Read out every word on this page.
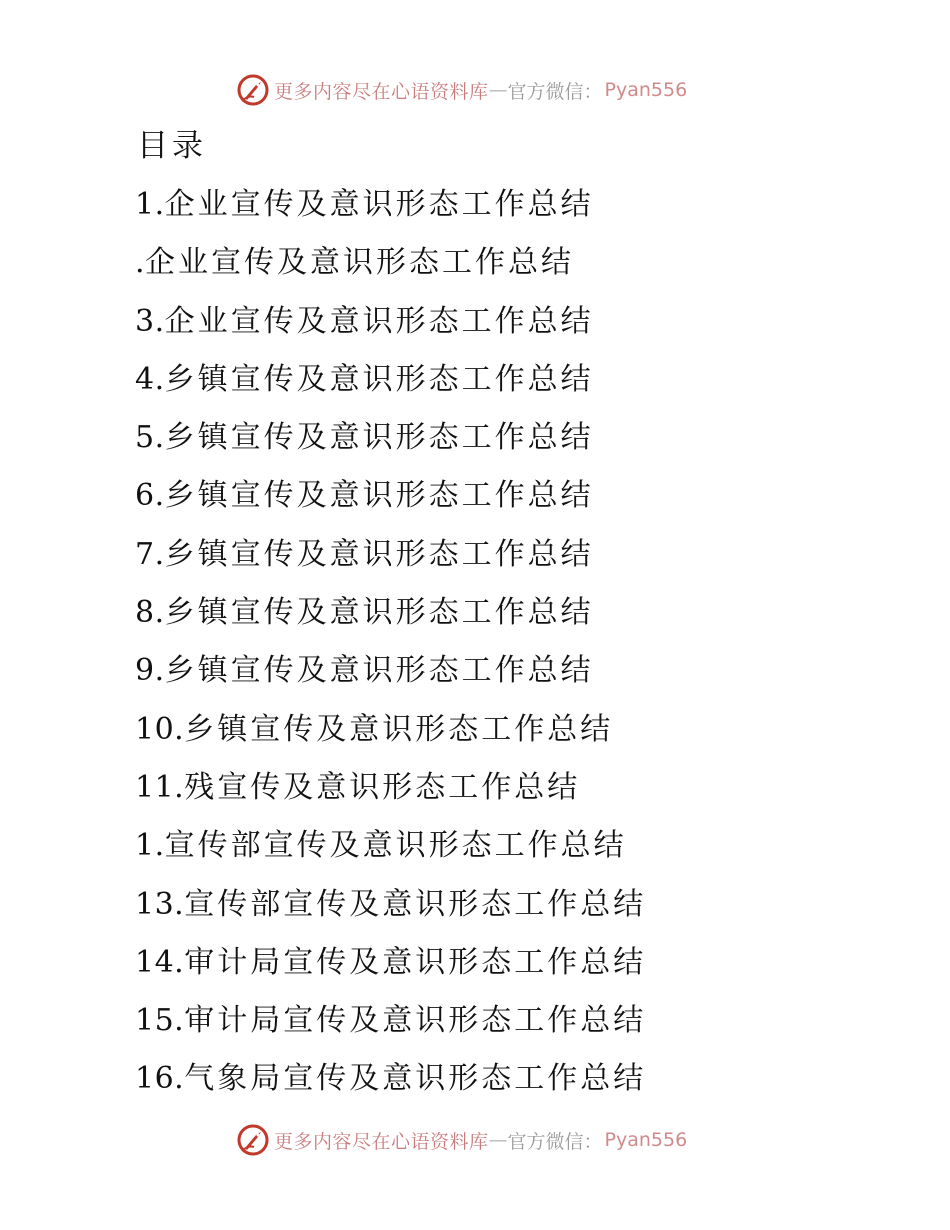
更多内容尽在心语资料库 — 官方微信： Pyan556
目录
1.企业宣传及意识形态工作总结
.企业宣传及意识形态工作总结
3.企业宣传及意识形态工作总结
4.乡镇宣传及意识形态工作总结
5.乡镇宣传及意识形态工作总结
6.乡镇宣传及意识形态工作总结
7.乡镇宣传及意识形态工作总结
8.乡镇宣传及意识形态工作总结
9.乡镇宣传及意识形态工作总结
10.乡镇宣传及意识形态工作总结
11.残宣传及意识形态工作总结
1.宣传部宣传及意识形态工作总结
13.宣传部宣传及意识形态工作总结
14.审计局宣传及意识形态工作总结
15.审计局宣传及意识形态工作总结
16.气象局宣传及意识形态工作总结
更多内容尽在心语资料库 — 官方微信： Pyan556
